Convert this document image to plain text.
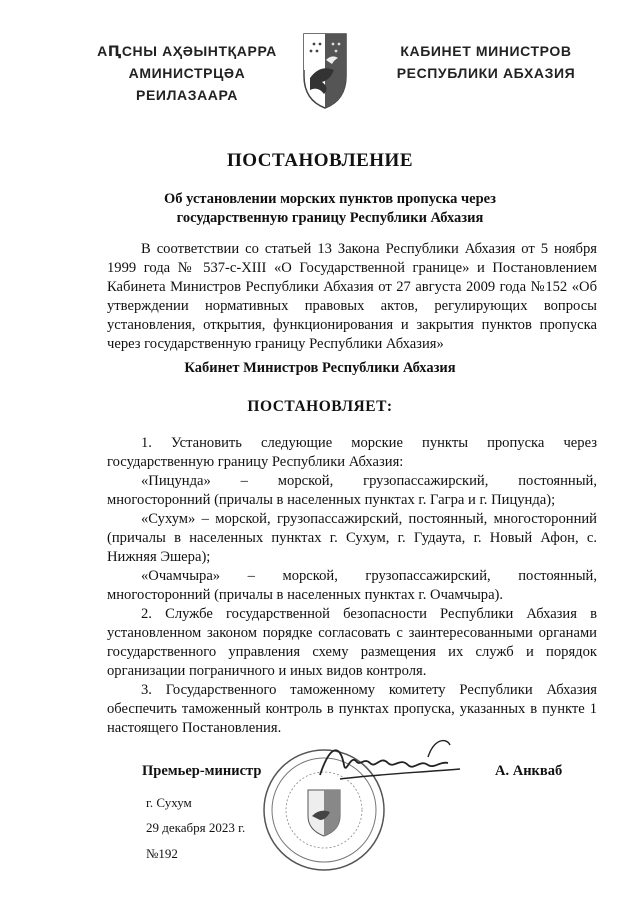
АԤСНЫ АҲӘЫНТҚАРРА
АМИНИСТРЦӘА РЕИЛАЗААРА
КАБИНЕТ МИНИСТРОВ
РЕСПУБЛИКИ АБХАЗИЯ
ПОСТАНОВЛЕНИЕ
Об установлении морских пунктов пропуска через
государственную границу Республики Абхазия
В соответствии со статьей 13 Закона Республики Абхазия от 5 ноября 1999 года № 537-с-XIII «О Государственной границе» и Постановлением Кабинета Министров Республики Абхазия от 27 августа 2009 года №152 «Об утверждении нормативных правовых актов, регулирующих вопросы установления, открытия, функционирования и закрытия пунктов пропуска через государственную границу Республики Абхазия»
Кабинет Министров Республики Абхазия
ПОСТАНОВЛЯЕТ:

1. Установить следующие морские пункты пропуска через государственную границу Республики Абхазия:

«Пицунда» – морской, грузопассажирский, постоянный, многосторонний (причалы в населенных пунктах г. Гагра и г. Пицунда);

«Сухум» – морской, грузопассажирский, постоянный, многосторонний (причалы в населенных пунктах г. Сухум, г. Гудаута, г. Новый Афон, с. Нижняя Эшера);

«Очамчыра» – морской, грузопассажирский, постоянный, многосторонний (причалы в населенных пунктах г. Очамчыра).

2. Службе государственной безопасности Республики Абхазия в установленном законом порядке согласовать с заинтересованными органами государственного управления схему размещения их служб и порядок организации пограничного и иных видов контроля.

3. Государственного таможенному комитету Республики Абхазия обеспечить таможенный контроль в пунктах пропуска, указанных в пункте 1 настоящего Постановления.

Премьер-министр	А. Анкваб
г. Сухум
29 декабря 2023 г.
№192
